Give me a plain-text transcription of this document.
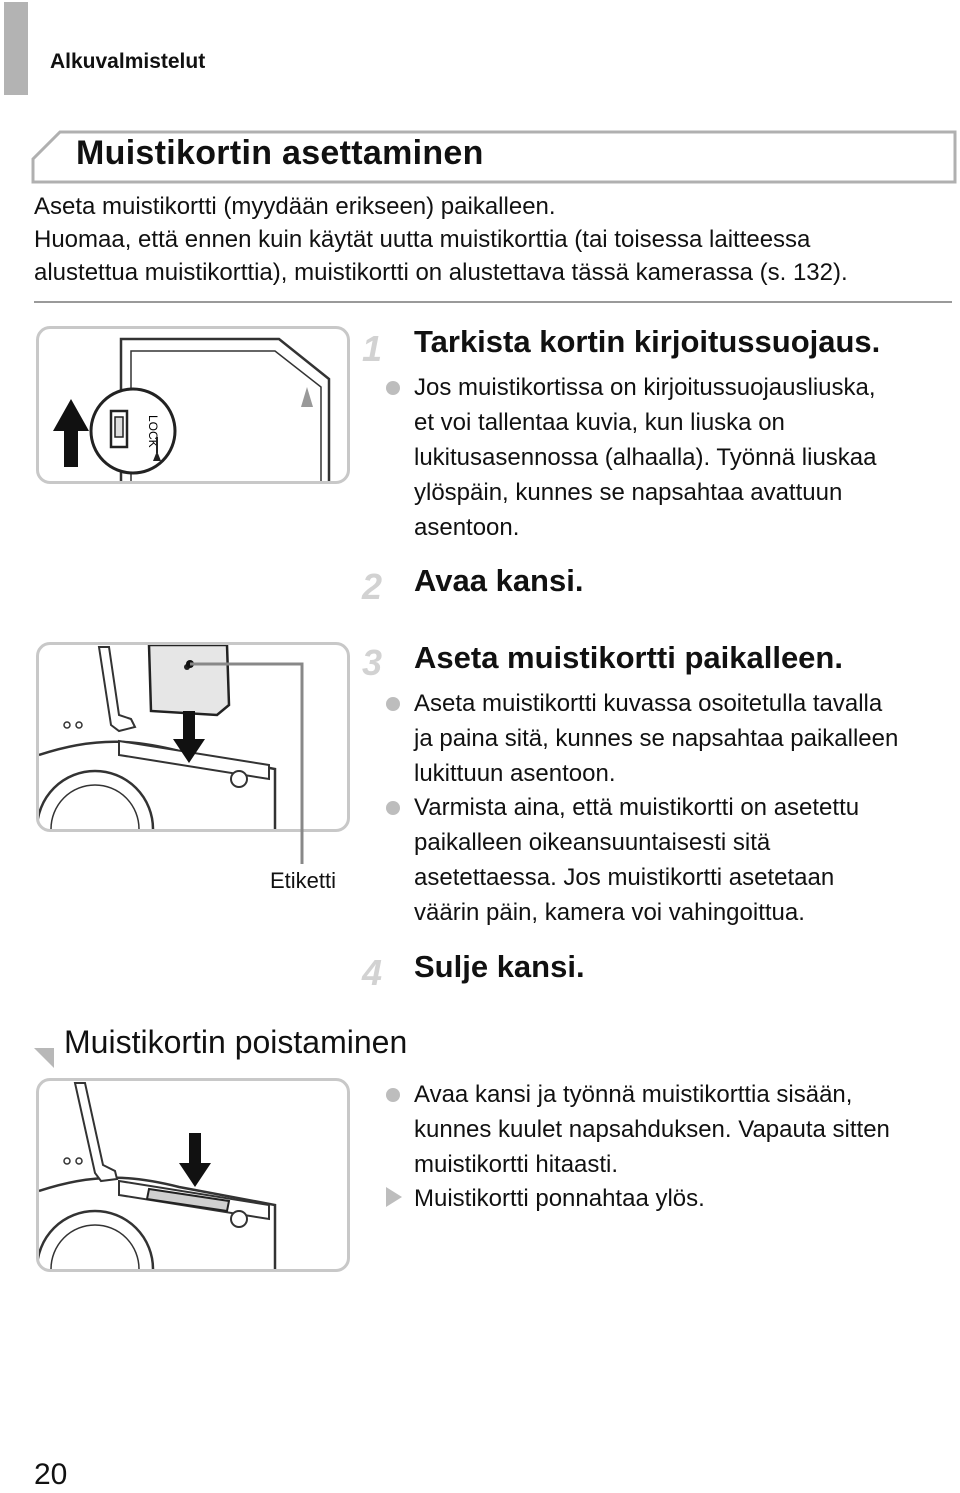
Alkuvalmistelut
Muistikortin asettaminen
Aseta muistikortti (myydään erikseen) paikalleen.
Huomaa, että ennen kuin käytät uutta muistikorttia (tai toisessa laitteessa
alustettua muistikorttia), muistikortti on alustettava tässä kamerassa (s. 132).
LOCK
1 Tarkista kortin kirjoitussuojaus.
Jos muistikortissa on kirjoitussuojausliuska,
et voi tallentaa kuvia, kun liuska on
lukitusasennossa (alhaalla). Työnnä liuskaa
ylöspäin, kunnes se napsahtaa avattuun
asentoon.
2 Avaa kansi.
Etiketti
3 Aseta muistikortti paikalleen.
Aseta muistikortti kuvassa osoitetulla tavalla
ja paina sitä, kunnes se napsahtaa paikalleen
lukittuun asentoon.
Varmista aina, että muistikortti on asetettu
paikalleen oikeansuuntaisesti sitä
asetettaessa. Jos muistikortti asetetaan
väärin päin, kamera voi vahingoittua.
4 Sulje kansi.
Muistikortin poistaminen
Avaa kansi ja työnnä muistikorttia sisään,
kunnes kuulet napsahduksen. Vapauta sitten
muistikortti hitaasti.
Muistikortti ponnahtaa ylös.
20
